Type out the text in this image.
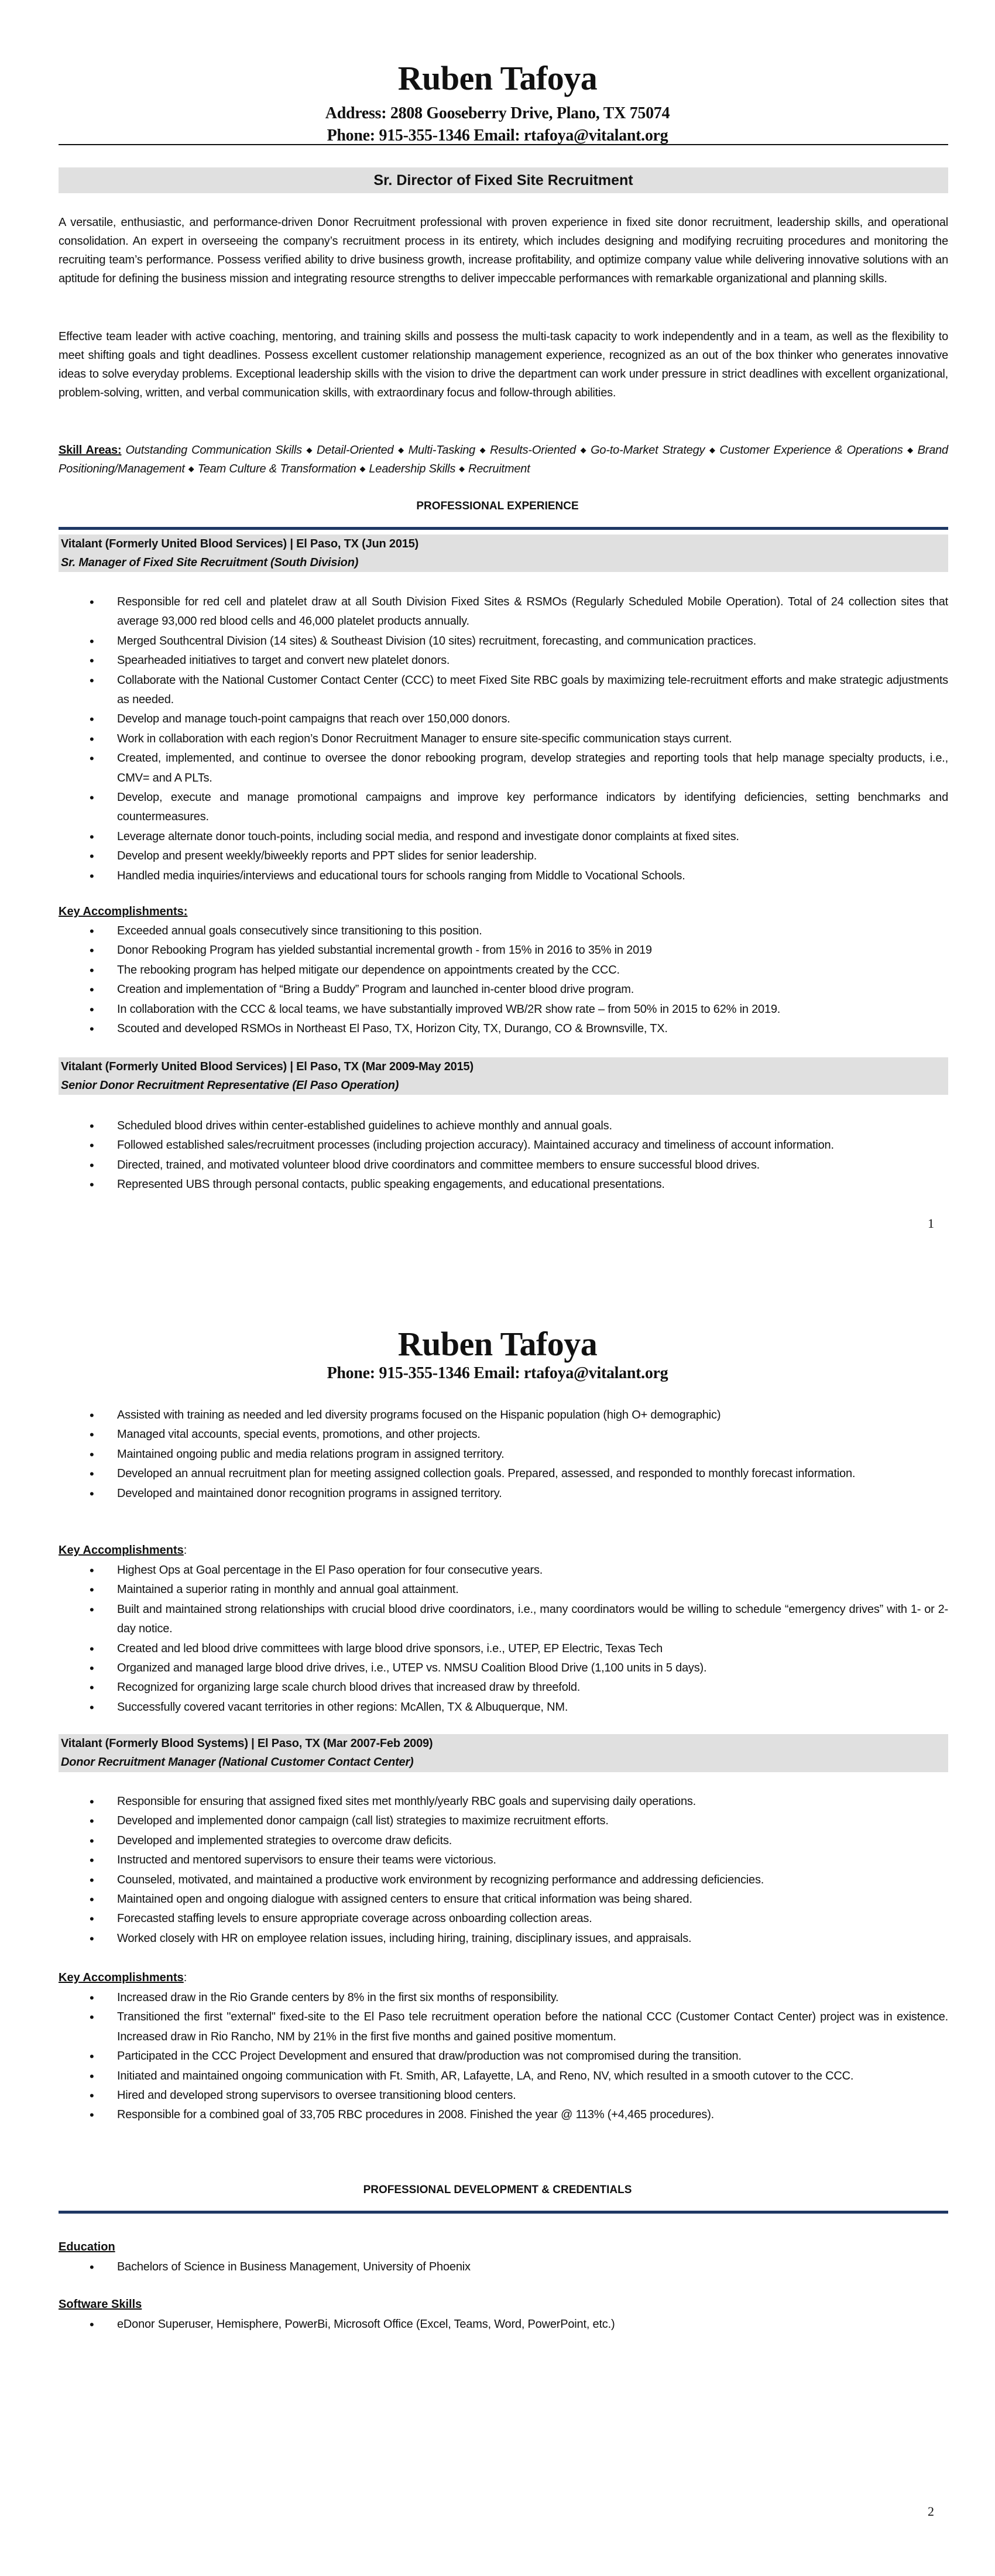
Ruben Tafoya
Address: 2808 Gooseberry Drive, Plano, TX 75074
Phone: 915-355-1346 Email: rtafoya@vitalant.org
Sr. Director of Fixed Site Recruitment
A versatile, enthusiastic, and performance-driven Donor Recruitment professional with proven experience in fixed site donor recruitment, leadership skills, and operational consolidation. An expert in overseeing the company’s recruitment process in its entirety, which includes designing and modifying recruiting procedures and monitoring the recruiting team’s performance. Possess verified ability to drive business growth, increase profitability, and optimize company value while delivering innovative solutions with an aptitude for defining the business mission and integrating resource strengths to deliver impeccable performances with remarkable organizational and planning skills.
Effective team leader with active coaching, mentoring, and training skills and possess the multi-task capacity to work independently and in a team, as well as the flexibility to meet shifting goals and tight deadlines. Possess excellent customer relationship management experience, recognized as an out of the box thinker who generates innovative ideas to solve everyday problems. Exceptional leadership skills with the vision to drive the department can work under pressure in strict deadlines with excellent organizational, problem-solving, written, and verbal communication skills, with extraordinary focus and follow-through abilities.
Skill Areas: Outstanding Communication Skills ◆ Detail-Oriented ◆ Multi-Tasking ◆ Results-Oriented ◆ Go-to-Market Strategy ◆ Customer Experience & Operations ◆ Brand Positioning/Management ◆ Team Culture & Transformation ◆ Leadership Skills ◆ Recruitment
PROFESSIONAL EXPERIENCE
Vitalant (Formerly United Blood Services) | El Paso, TX (Jun 2015)
Sr. Manager of Fixed Site Recruitment (South Division)
• Responsible for red cell and platelet draw at all South Division Fixed Sites & RSMOs (Regularly Scheduled Mobile Operation). Total of 24 collection sites that average 93,000 red blood cells and 46,000 platelet products annually.
• Merged Southcentral Division (14 sites) & Southeast Division (10 sites) recruitment, forecasting, and communication practices.
• Spearheaded initiatives to target and convert new platelet donors.
• Collaborate with the National Customer Contact Center (CCC) to meet Fixed Site RBC goals by maximizing tele-recruitment efforts and make strategic adjustments as needed.
• Develop and manage touch-point campaigns that reach over 150,000 donors.
• Work in collaboration with each region’s Donor Recruitment Manager to ensure site-specific communication stays current.
• Created, implemented, and continue to oversee the donor rebooking program, develop strategies and reporting tools that help manage specialty products, i.e., CMV= and A PLTs.
• Develop, execute and manage promotional campaigns and improve key performance indicators by identifying deficiencies, setting benchmarks and countermeasures.
• Leverage alternate donor touch-points, including social media, and respond and investigate donor complaints at fixed sites.
• Develop and present weekly/biweekly reports and PPT slides for senior leadership.
• Handled media inquiries/interviews and educational tours for schools ranging from Middle to Vocational Schools.
Key Accomplishments:
• Exceeded annual goals consecutively since transitioning to this position.
• Donor Rebooking Program has yielded substantial incremental growth - from 15% in 2016 to 35% in 2019
• The rebooking program has helped mitigate our dependence on appointments created by the CCC.
• Creation and implementation of “Bring a Buddy” Program and launched in-center blood drive program.
• In collaboration with the CCC & local teams, we have substantially improved WB/2R show rate – from 50% in 2015 to 62% in 2019.
• Scouted and developed RSMOs in Northeast El Paso, TX, Horizon City, TX, Durango, CO & Brownsville, TX.
Vitalant (Formerly United Blood Services) | El Paso, TX (Mar 2009-May 2015)
Senior Donor Recruitment Representative (El Paso Operation)
• Scheduled blood drives within center-established guidelines to achieve monthly and annual goals.
• Followed established sales/recruitment processes (including projection accuracy). Maintained accuracy and timeliness of account information.
• Directed, trained, and motivated volunteer blood drive coordinators and committee members to ensure successful blood drives.
• Represented UBS through personal contacts, public speaking engagements, and educational presentations.
1
Ruben Tafoya
Phone: 915-355-1346 Email: rtafoya@vitalant.org
• Assisted with training as needed and led diversity programs focused on the Hispanic population (high O+ demographic)
• Managed vital accounts, special events, promotions, and other projects.
• Maintained ongoing public and media relations program in assigned territory.
• Developed an annual recruitment plan for meeting assigned collection goals. Prepared, assessed, and responded to monthly forecast information.
• Developed and maintained donor recognition programs in assigned territory.
Key Accomplishments:
• Highest Ops at Goal percentage in the El Paso operation for four consecutive years.
• Maintained a superior rating in monthly and annual goal attainment.
• Built and maintained strong relationships with crucial blood drive coordinators, i.e., many coordinators would be willing to schedule “emergency drives” with 1- or 2-day notice.
• Created and led blood drive committees with large blood drive sponsors, i.e., UTEP, EP Electric, Texas Tech
• Organized and managed large blood drive drives, i.e., UTEP vs. NMSU Coalition Blood Drive (1,100 units in 5 days).
• Recognized for organizing large scale church blood drives that increased draw by threefold.
• Successfully covered vacant territories in other regions: McAllen, TX & Albuquerque, NM.
Vitalant (Formerly Blood Systems) | El Paso, TX (Mar 2007-Feb 2009)
Donor Recruitment Manager (National Customer Contact Center)
• Responsible for ensuring that assigned fixed sites met monthly/yearly RBC goals and supervising daily operations.
• Developed and implemented donor campaign (call list) strategies to maximize recruitment efforts.
• Developed and implemented strategies to overcome draw deficits.
• Instructed and mentored supervisors to ensure their teams were victorious.
• Counseled, motivated, and maintained a productive work environment by recognizing performance and addressing deficiencies.
• Maintained open and ongoing dialogue with assigned centers to ensure that critical information was being shared.
• Forecasted staffing levels to ensure appropriate coverage across onboarding collection areas.
• Worked closely with HR on employee relation issues, including hiring, training, disciplinary issues, and appraisals.
Key Accomplishments:
• Increased draw in the Rio Grande centers by 8% in the first six months of responsibility.
• Transitioned the first "external" fixed-site to the El Paso tele recruitment operation before the national CCC (Customer Contact Center) project was in existence. Increased draw in Rio Rancho, NM by 21% in the first five months and gained positive momentum.
• Participated in the CCC Project Development and ensured that draw/production was not compromised during the transition.
• Initiated and maintained ongoing communication with Ft. Smith, AR, Lafayette, LA, and Reno, NV, which resulted in a smooth cutover to the CCC.
• Hired and developed strong supervisors to oversee transitioning blood centers.
• Responsible for a combined goal of 33,705 RBC procedures in 2008. Finished the year @ 113% (+4,465 procedures).
PROFESSIONAL DEVELOPMENT & CREDENTIALS
Education
• Bachelors of Science in Business Management, University of Phoenix
Software Skills
• eDonor Superuser, Hemisphere, PowerBi, Microsoft Office (Excel, Teams, Word, PowerPoint, etc.)
2
